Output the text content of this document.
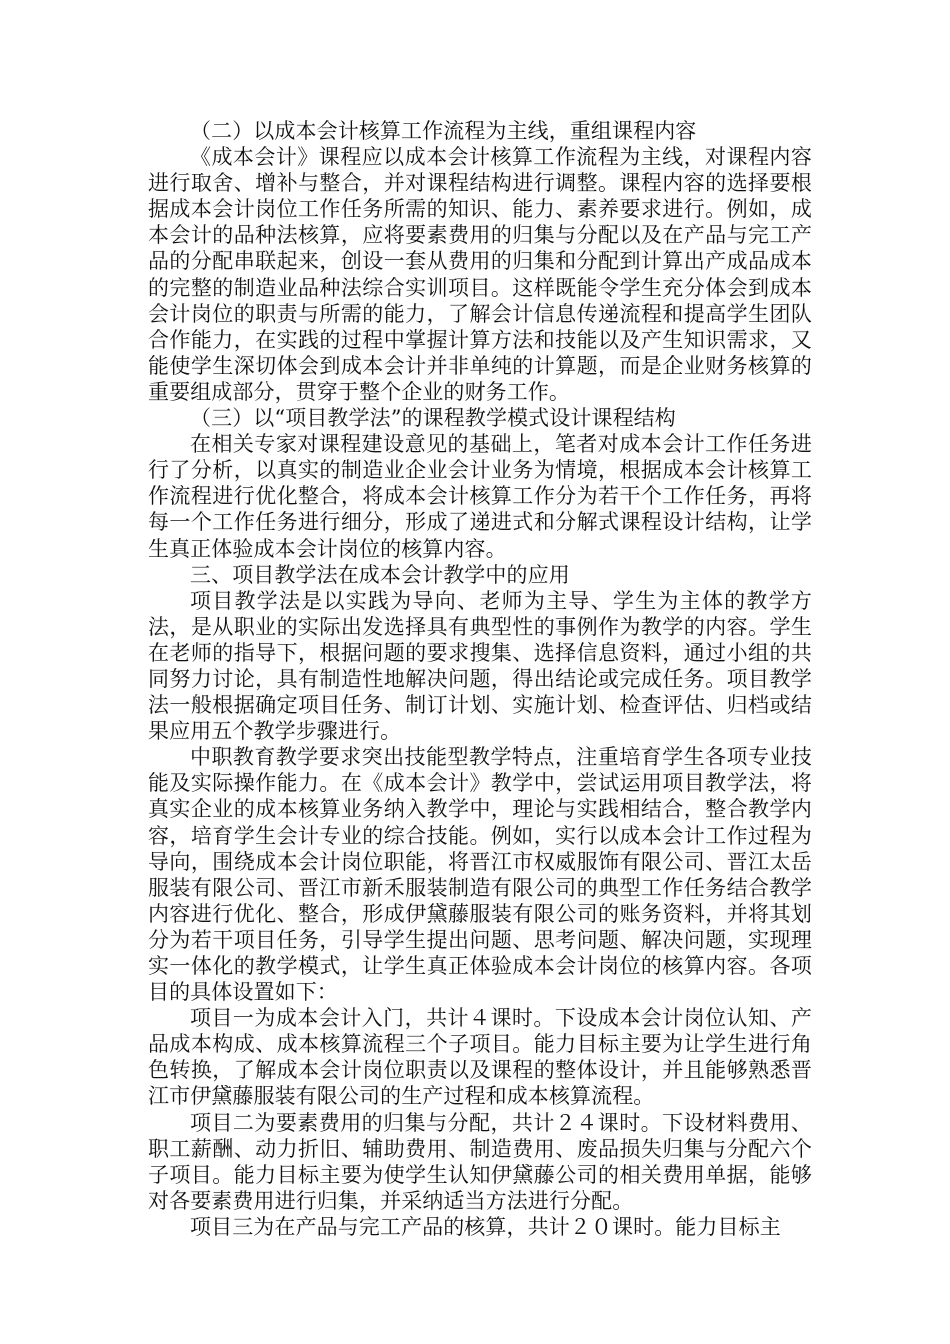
（二）以成本会计核算工作流程为主线，重组课程内容

《成本会计》课程应以成本会计核算工作流程为主线，对课程内容进行取舍、增补与整合，并对课程结构进行调整。课程内容的选择要根据成本会计岗位工作任务所需的知识、能力、素养要求进行。例如，成本会计的品种法核算，应将要素费用的归集与分配以及在产品与完工产品的分配串联起来，创设一套从费用的归集和分配到计算出产成品成本的完整的制造业品种法综合实训项目。这样既能令学生充分体会到成本会计岗位的职责与所需的能力，了解会计信息传递流程和提高学生团队合作能力，在实践的过程中掌握计算方法和技能以及产生知识需求，又能使学生深切体会到成本会计并非单纯的计算题，而是企业财务核算的重要组成部分，贯穿于整个企业的财务工作。

（三）以“项目教学法”的课程教学模式设计课程结构

在相关专家对课程建设意见的基础上，笔者对成本会计工作任务进行了分析，以真实的制造业企业会计业务为情境，根据成本会计核算工作流程进行优化整合，将成本会计核算工作分为若干个工作任务，再将每一个工作任务进行细分，形成了递进式和分解式课程设计结构，让学生真正体验成本会计岗位的核算内容。

三、项目教学法在成本会计教学中的应用

项目教学法是以实践为导向、老师为主导、学生为主体的教学方法，是从职业的实际出发选择具有典型性的事例作为教学的内容。学生在老师的指导下，根据问题的要求搜集、选择信息资料，通过小组的共同努力讨论，具有制造性地解决问题，得出结论或完成任务。项目教学法一般根据确定项目任务、制订计划、实施计划、检查评估、归档或结果应用五个教学步骤进行。

中职教育教学要求突出技能型教学特点，注重培育学生各项专业技能及实际操作能力。在《成本会计》教学中，尝试运用项目教学法，将真实企业的成本核算业务纳入教学中，理论与实践相结合，整合教学内容，培育学生会计专业的综合技能。例如，实行以成本会计工作过程为导向，围绕成本会计岗位职能，将晋江市权威服饰有限公司、晋江太岳服装有限公司、晋江市新禾服装制造有限公司的典型工作任务结合教学内容进行优化、整合，形成伊黛藤服装有限公司的账务资料，并将其划分为若干项目任务，引导学生提出问题、思考问题、解决问题，实现理实一体化的教学模式，让学生真正体验成本会计岗位的核算内容。各项目的具体设置如下：

项目一为成本会计入门，共计４课时。下设成本会计岗位认知、产品成本构成、成本核算流程三个子项目。能力目标主要为让学生进行角色转换，了解成本会计岗位职责以及课程的整体设计，并且能够熟悉晋江市伊黛藤服装有限公司的生产过程和成本核算流程。

项目二为要素费用的归集与分配，共计２４课时。下设材料费用、职工薪酬、动力折旧、辅助费用、制造费用、废品损失归集与分配六个子项目。能力目标主要为使学生认知伊黛藤公司的相关费用单据，能够对各要素费用进行归集，并采纳适当方法进行分配。

项目三为在产品与完工产品的核算，共计２０课时。能力目标主
